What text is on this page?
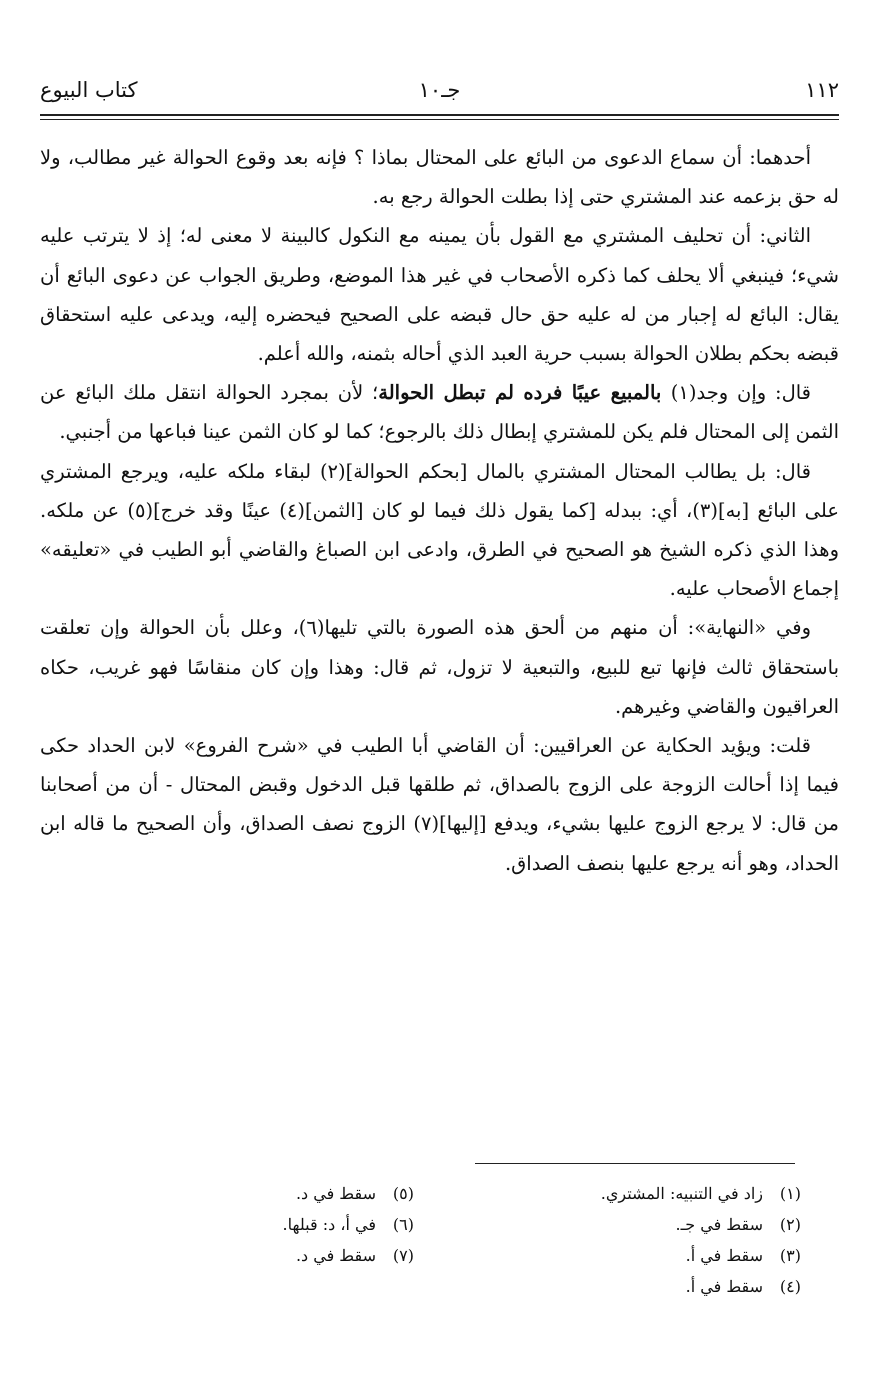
١١٢
جـ١٠
كتاب البيوع

أحدهما: أن سماع الدعوى من البائع على المحتال بماذا ؟ فإنه بعد وقوع الحوالة غير مطالب، ولا له حق بزعمه عند المشتري حتى إذا بطلت الحوالة رجع به.

الثاني: أن تحليف المشتري مع القول بأن يمينه مع النكول كالبينة لا معنى له؛ إذ لا يترتب عليه شيء؛ فينبغي ألا يحلف كما ذكره الأصحاب في غير هذا الموضع، وطريق الجواب عن دعوى البائع أن يقال: البائع له إجبار من له عليه حق حال قبضه على الصحيح فيحضره إليه، ويدعى عليه استحقاق قبضه بحكم بطلان الحوالة بسبب حرية العبد الذي أحاله بثمنه، والله أعلم.

قال: وإن وجد(١) بالمبيع عيبًا فرده لم تبطل الحوالة؛ لأن بمجرد الحوالة انتقل ملك البائع عن الثمن إلى المحتال فلم يكن للمشتري إبطال ذلك بالرجوع؛ كما لو كان الثمن عينا فباعها من أجنبي.

قال: بل يطالب المحتال المشتري بالمال [بحكم الحوالة](٢) لبقاء ملكه عليه، ويرجع المشتري على البائع [به](٣)، أي: ببدله [كما يقول ذلك فيما لو كان [الثمن](٤) عينًا وقد خرج](٥) عن ملكه. وهذا الذي ذكره الشيخ هو الصحيح في الطرق، وادعى ابن الصباغ والقاضي أبو الطيب في «تعليقه» إجماع الأصحاب عليه.

وفي «النهاية»: أن منهم من ألحق هذه الصورة بالتي تليها(٦)، وعلل بأن الحوالة وإن تعلقت باستحقاق ثالث فإنها تبع للبيع، والتبعية لا تزول، ثم قال: وهذا وإن كان منقاسًا فهو غريب، حكاه العراقيون والقاضي وغيرهم.

قلت: ويؤيد الحكاية عن العراقيين: أن القاضي أبا الطيب في «شرح الفروع» لابن الحداد حكى فيما إذا أحالت الزوجة على الزوج بالصداق، ثم طلقها قبل الدخول وقبض المحتال - أن من أصحابنا من قال: لا يرجع الزوج عليها بشيء، ويدفع [إليها](٧) الزوج نصف الصداق، وأن الصحيح ما قاله ابن الحداد، وهو أنه يرجع عليها بنصف الصداق.

(١)زاد في التنبيه: المشتري.

(٢)سقط في جـ.

(٣)سقط في أ.

(٤)سقط في أ.

(٥)سقط في د.

(٦)في أ، د: قبلها.

(٧)سقط في د.
